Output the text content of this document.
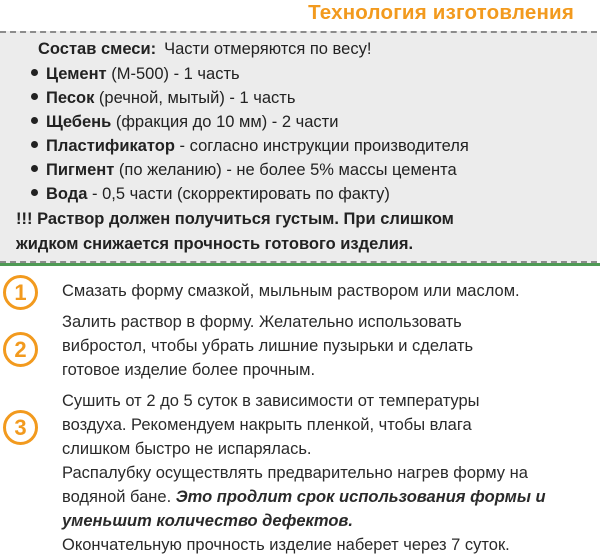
Технология изготовления
Состав смеси: Части отмеряются по весу!
Цемент (М-500) - 1 часть
Песок (речной, мытый) - 1 часть
Щебень (фракция до 10 мм) - 2 части
Пластификатор - согласно инструкции производителя
Пигмент (по желанию) - не более 5% массы цемента
Вода - 0,5 части (скорректировать по факту)
!!! Раствор должен получиться густым. При слишком
жидком снижается прочность готового изделия.
1	Смазать форму смазкой, мыльным раствором или маслом.
2
Залить раствор в форму. Желательно использовать
вибростол, чтобы убрать лишние пузырьки и сделать
готовое изделие более прочным.
3
Сушить от 2 до 5 суток в зависимости от температуры
воздуха. Рекомендуем накрыть пленкой, чтобы влага
слишком быстро не испарялась.
Распалубку осуществлять предварительно нагрев форму на
водяной бане. Это продлит срок использования формы и
уменьшит количество дефектов.
Окончательную прочность изделие наберет через 7 суток.
